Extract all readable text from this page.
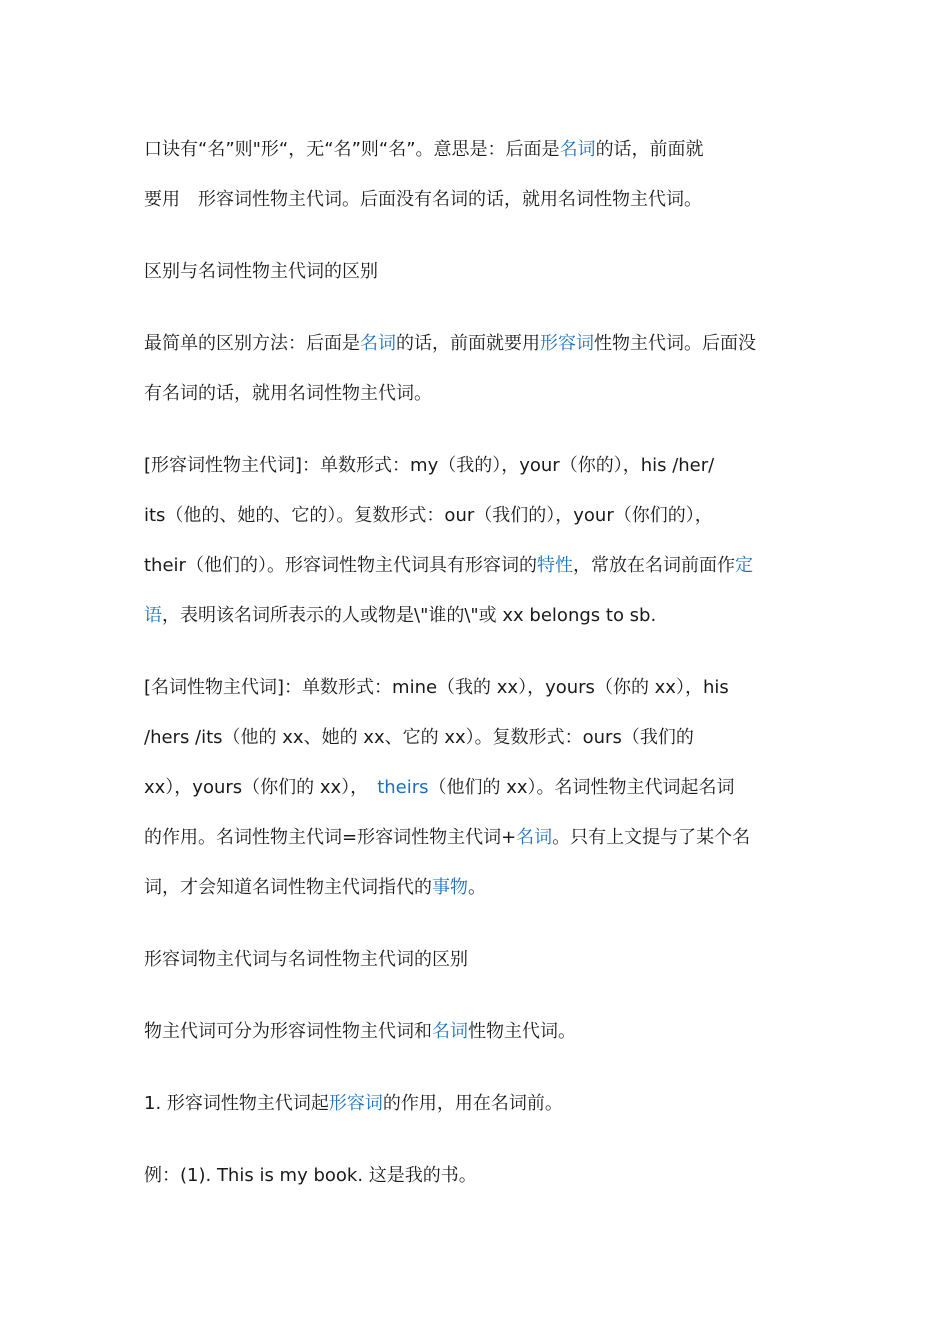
口诀有“名”则"形“，无“名”则“名”。意思是：后面是名词的话，前面就
要用　形容词性物主代词。后面没有名词的话，就用名词性物主代词。

区别与名词性物主代词的区别

最简单的区别方法：后面是名词的话，前面就要用形容词性物主代词。后面没
有名词的话，就用名词性物主代词。

[形容词性物主代词]：单数形式：my（我的），your（你的），his /her/
its（他的、她的、它的）。复数形式：our（我们的），your（你们的），
their（他们的）。形容词性物主代词具有形容词的特性，常放在名词前面作定
语，表明该名词所表示的人或物是\"谁的\"或 xx belongs to sb.

[名词性物主代词]：单数形式：mine（我的 xx），yours（你的 xx），his
/hers /its（他的 xx、她的 xx、它的 xx）。复数形式：ours（我们的
xx），yours（你们的 xx），　theirs（他们的 xx）。名词性物主代词起名词
的作用。名词性物主代词=形容词性物主代词+名词。只有上文提与了某个名
词，才会知道名词性物主代词指代的事物。

形容词物主代词与名词性物主代词的区别

物主代词可分为形容词性物主代词和名词性物主代词。

1. 形容词性物主代词起形容词的作用，用在名词前。

例：(1). This is my book. 这是我的书。
